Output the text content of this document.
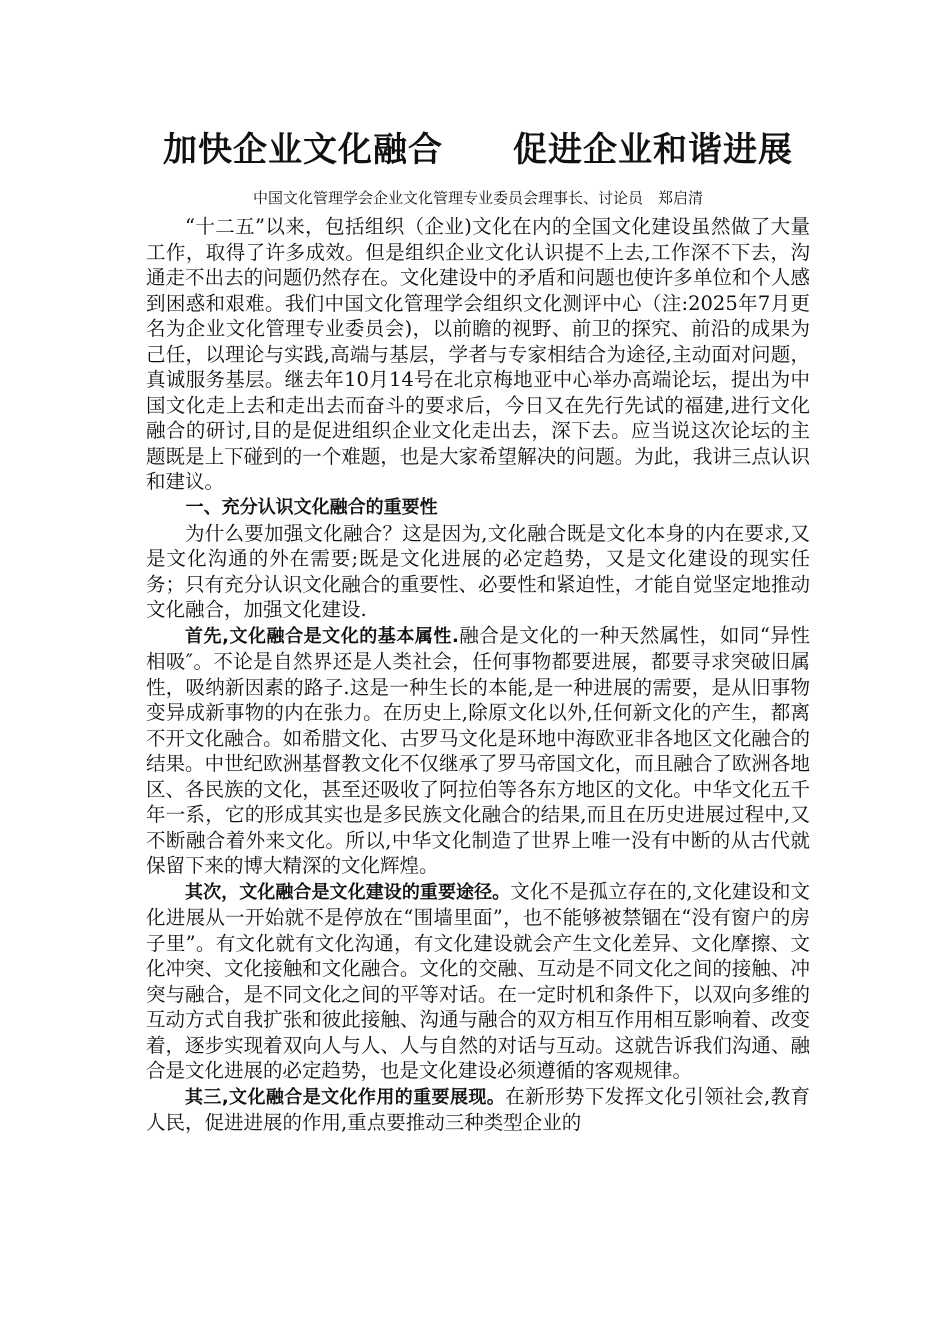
加快企业文化融合　　促进企业和谐进展
中国文化管理学会企业文化管理专业委员会理事长、讨论员　郑启清

“十二五”以来，包括组织（企业)文化在内的全国文化建设虽然做了大量工作，取得了许多成效。但是组织企业文化认识提不上去,工作深不下去，沟通走不出去的问题仍然存在。文化建设中的矛盾和问题也使许多单位和个人感到困惑和艰难。我们中国文化管理学会组织文化测评中心（注:2025年7月更名为企业文化管理专业委员会)，以前瞻的视野、前卫的探究、前沿的成果为己任，以理论与实践,高端与基层，学者与专家相结合为途径,主动面对问题，真诚服务基层。继去年10月14号在北京梅地亚中心举办高端论坛，提出为中国文化走上去和走出去而奋斗的要求后，今日又在先行先试的福建,进行文化融合的研讨,目的是促进组织企业文化走出去，深下去。应当说这次论坛的主题既是上下碰到的一个难题，也是大家希望解决的问题。为此，我讲三点认识和建议。

一、充分认识文化融合的重要性

为什么要加强文化融合？这是因为,文化融合既是文化本身的内在要求,又是文化沟通的外在需要;既是文化进展的必定趋势，又是文化建设的现实任务；只有充分认识文化融合的重要性、必要性和紧迫性，才能自觉坚定地推动文化融合，加强文化建设.

首先,文化融合是文化的基本属性.融合是文化的一种天然属性，如同“异性相吸″。不论是自然界还是人类社会，任何事物都要进展，都要寻求突破旧属性，吸纳新因素的路子.这是一种生长的本能,是一种进展的需要，是从旧事物变异成新事物的内在张力。在历史上,除原文化以外,任何新文化的产生，都离不开文化融合。如希腊文化、古罗马文化是环地中海欧亚非各地区文化融合的结果。中世纪欧洲基督教文化不仅继承了罗马帝国文化，而且融合了欧洲各地区、各民族的文化，甚至还吸收了阿拉伯等各东方地区的文化。中华文化五千年一系，它的形成其实也是多民族文化融合的结果,而且在历史进展过程中,又不断融合着外来文化。所以,中华文化制造了世界上唯一没有中断的从古代就保留下来的博大精深的文化辉煌。

其次，文化融合是文化建设的重要途径。文化不是孤立存在的,文化建设和文化进展从一开始就不是停放在“围墙里面”，也不能够被禁锢在“没有窗户的房子里”。有文化就有文化沟通，有文化建设就会产生文化差异、文化摩擦、文化冲突、文化接触和文化融合。文化的交融、互动是不同文化之间的接触、冲突与融合，是不同文化之间的平等对话。在一定时机和条件下，以双向多维的互动方式自我扩张和彼此接触、沟通与融合的双方相互作用相互影响着、改变着，逐步实现着双向人与人、人与自然的对话与互动。这就告诉我们沟通、融合是文化进展的必定趋势，也是文化建设必须遵循的客观规律。

其三,文化融合是文化作用的重要展现。在新形势下发挥文化引领社会,教育人民，促进进展的作用,重点要推动三种类型企业的
